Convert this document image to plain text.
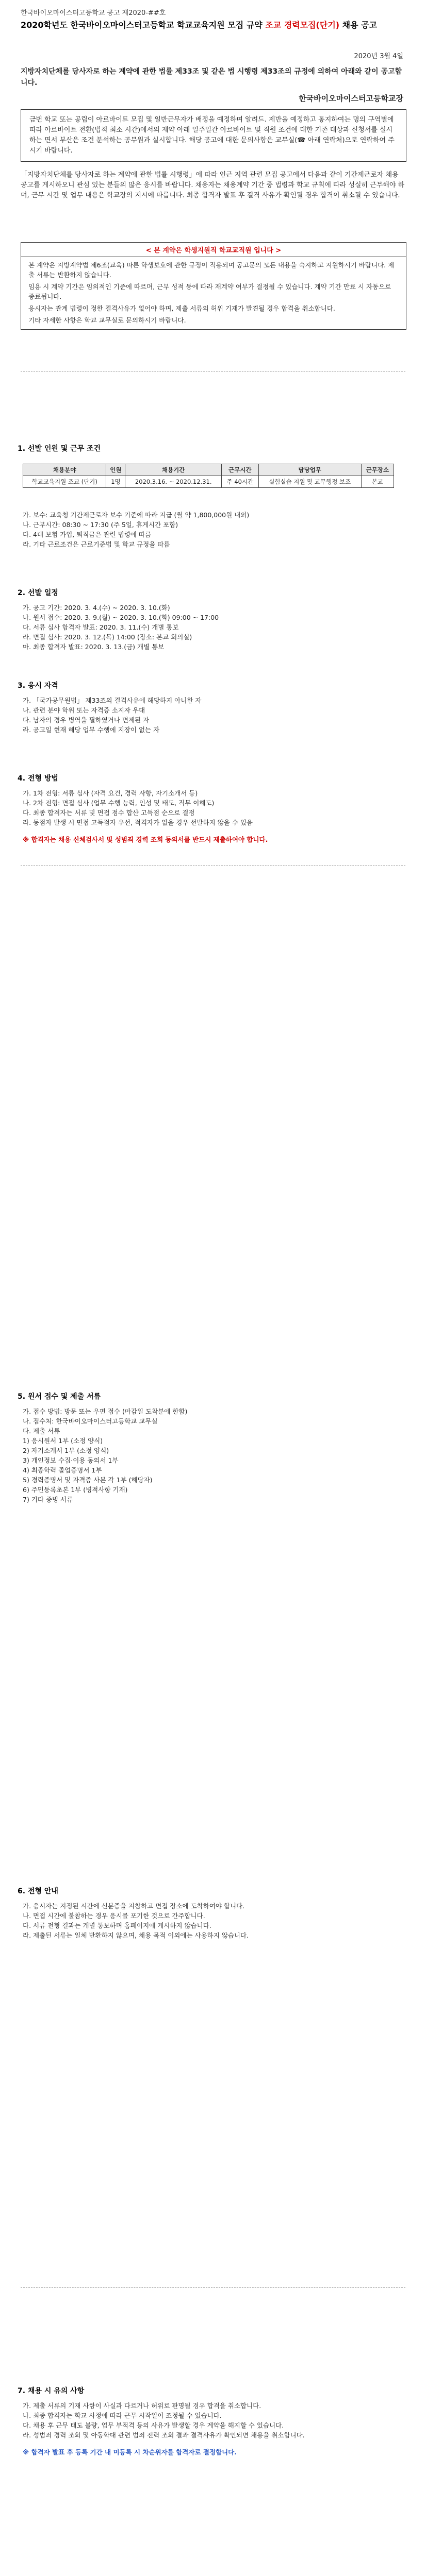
한국바이오마이스터고등학교 공고 제2020-##호
2020학년도 한국바이오마이스터고등학교 학교교육지원 모집 규약 조교 경력모집(단기) 채용 공고
2020년 3월 4일
지방자치단체를 당사자로 하는 계약에 관한 법률 제33조 및 같은 법 시행령 제33조의 규정에 의하여 아래와 같이 공고합니다.
한국바이오마이스터고등학교장
금번 학교 또는 공립이 아르바이트 모집 및 일반근무자가 배정을 예정하며 알려드. 제반을 예정하고 통지하여는 명의 구역별에 따라 아르바이트 전환(법적 최소 시간)에서의 제약 아래 일주일간 아르바이트 및 직원 조건에 대한 기존 대상과 신청서를 실시하는 면서 부산은 조건 분석하는 공무원과 실시합니다. 해당 공고에 대한 문의사항은 교무실(☎ 아래 연락처)으로 연락하여 주시기 바랍니다.
「지방자치단체를 당사자로 하는 계약에 관한 법률 시행령」에 따라 인근 지역 관련 모집 공고에서 다음과 같이 기간제근로자 채용 공고를 게시하오니 관심 있는 분들의 많은 응시를 바랍니다. 채용자는 채용계약 기간 중 법령과 학교 규칙에 따라 성실히 근무해야 하며, 근무 시간 및 업무 내용은 학교장의 지시에 따릅니다. 최종 합격자 발표 후 결격 사유가 확인될 경우 합격이 취소될 수 있습니다.
< 본 계약은 학생지원직 학교교직원 입니다 >
본 계약은 지방계약법 제6조(교육) 따른 학생보호에 관한 규정이 적용되며 공고문의 모든 내용을 숙지하고 지원하시기 바랍니다. 제출 서류는 반환하지 않습니다.
임용 시 계약 기간은 임의적인 기준에 따르며, 근무 성적 등에 따라 재계약 여부가 결정될 수 있습니다. 계약 기간 만료 시 자동으로 종료됩니다.
응시자는 관계 법령이 정한 결격사유가 없어야 하며, 제출 서류의 허위 기재가 발견될 경우 합격을 취소합니다.
기타 자세한 사항은 학교 교무실로 문의하시기 바랍니다.
1. 선발 인원 및 근무 조건
채용분야	인원	채용기간	근무시간	담당업무	근무장소
학교교육지원 조교 (단기)	1명	2020.3.16. ~ 2020.12.31.	주 40시간	실험실습 지원 및 교무행정 보조	본교
가. 보수: 교육청 기간제근로자 보수 기준에 따라 지급 (월 약 1,800,000원 내외)
나. 근무시간: 08:30 ~ 17:30 (주 5일, 휴게시간 포함)
다. 4대 보험 가입, 퇴직금은 관련 법령에 따름
라. 기타 근로조건은 근로기준법 및 학교 규정을 따름
2. 선발 일정
가. 공고 기간: 2020. 3. 4.(수) ~ 2020. 3. 10.(화)
나. 원서 접수: 2020. 3. 9.(월) ~ 2020. 3. 10.(화) 09:00 ~ 17:00
다. 서류 심사 합격자 발표: 2020. 3. 11.(수) 개별 통보
라. 면접 심사: 2020. 3. 12.(목) 14:00 (장소: 본교 회의실)
마. 최종 합격자 발표: 2020. 3. 13.(금) 개별 통보
3. 응시 자격
가. 「국가공무원법」 제33조의 결격사유에 해당하지 아니한 자
나. 관련 분야 학위 또는 자격증 소지자 우대
다. 남자의 경우 병역을 필하였거나 면제된 자
라. 공고일 현재 해당 업무 수행에 지장이 없는 자
4. 전형 방법
가. 1차 전형: 서류 심사 (자격 요건, 경력 사항, 자기소개서 등)
나. 2차 전형: 면접 심사 (업무 수행 능력, 인성 및 태도, 직무 이해도)
다. 최종 합격자는 서류 및 면접 점수 합산 고득점 순으로 결정
라. 동점자 발생 시 면접 고득점자 우선, 적격자가 없을 경우 선발하지 않을 수 있음
※ 합격자는 채용 신체검사서 및 성범죄 경력 조회 동의서를 반드시 제출하여야 합니다.
5. 원서 접수 및 제출 서류
가. 접수 방법: 방문 또는 우편 접수 (마감일 도착분에 한함)
나. 접수처: 한국바이오마이스터고등학교 교무실
다. 제출 서류
1) 응시원서 1부 (소정 양식)
2) 자기소개서 1부 (소정 양식)
3) 개인정보 수집·이용 동의서 1부
4) 최종학력 졸업증명서 1부
5) 경력증명서 및 자격증 사본 각 1부 (해당자)
6) 주민등록초본 1부 (병적사항 기재)
7) 기타 증빙 서류
6. 전형 안내
가. 응시자는 지정된 시간에 신분증을 지참하고 면접 장소에 도착하여야 합니다.
나. 면접 시간에 불참하는 경우 응시를 포기한 것으로 간주합니다.
다. 서류 전형 결과는 개별 통보하며 홈페이지에 게시하지 않습니다.
라. 제출된 서류는 일체 반환하지 않으며, 채용 목적 이외에는 사용하지 않습니다.
7. 채용 시 유의 사항
가. 제출 서류의 기재 사항이 사실과 다르거나 허위로 판명될 경우 합격을 취소합니다.
나. 최종 합격자는 학교 사정에 따라 근무 시작일이 조정될 수 있습니다.
다. 채용 후 근무 태도 불량, 업무 부적격 등의 사유가 발생할 경우 계약을 해지할 수 있습니다.
라. 성범죄 경력 조회 및 아동학대 관련 범죄 전력 조회 결과 결격사유가 확인되면 채용을 취소합니다.
※ 합격자 발표 후 등록 기간 내 미등록 시 차순위자를 합격자로 결정합니다.
